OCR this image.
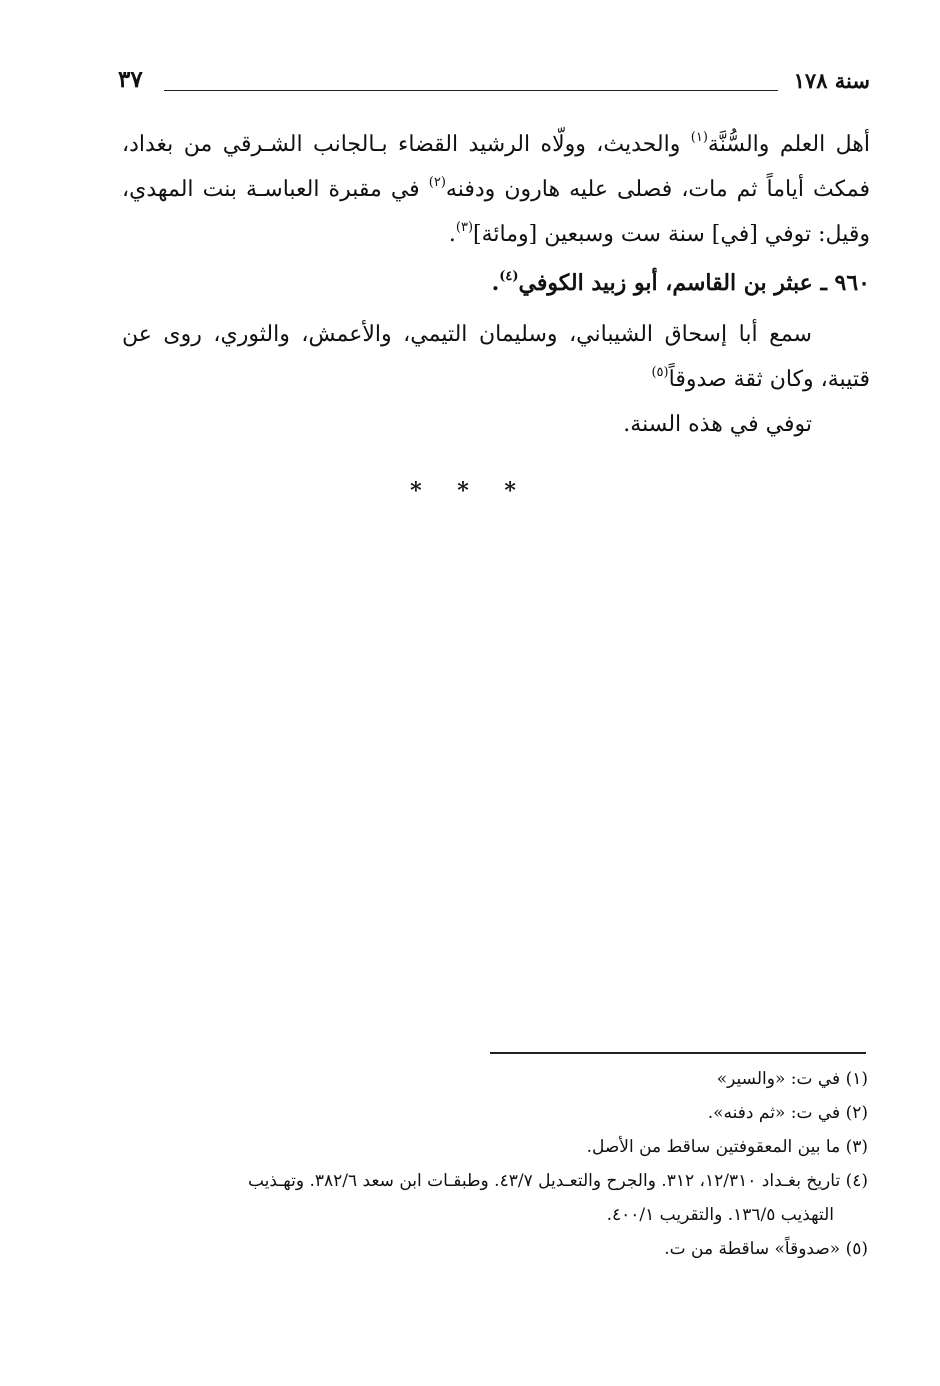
سنة ١٧٨
٣٧

أهل العلم والسُّنَّة$^{(١)}$ والحديث، وولّاه الرشيد القضاء بـالجانب الشـرقي من بغداد، فمكث أياماً ثم مات، فصلى عليه هارون ودفنه$^{(٢)}$ في مقبرة العباسـة بنت المهدي، وقيل: توفي [في] سنة ست وسبعين [ومائة]$^{(٣)}$.

٩٦٠ ـ عبثر بن القاسم، أبو زبيد الكوفي$^{(٤)}$.

سمع أبا إسحاق الشيباني، وسليمان التيمي، والأعمش، والثوري، روى عن قتيبة، وكان ثقة صدوقاً$^{(٥)}$

توفي في هذه السنة.

* * *

(١) في ت: «والسير»

(٢) في ت: «ثم دفنه».

(٣) ما بين المعقوفتين ساقط من الأصل.

(٤) تاريخ بغـداد ١٢/٣١٠، ٣١٢. والجرح والتعـديل ٤٣/٧. وطبقـات ابن سعد ٣٨٢/٦. وتهـذيب

التهذيب ١٣٦/٥. والتقريب ٤٠٠/١.

(٥) «صدوقاً» ساقطة من ت.
